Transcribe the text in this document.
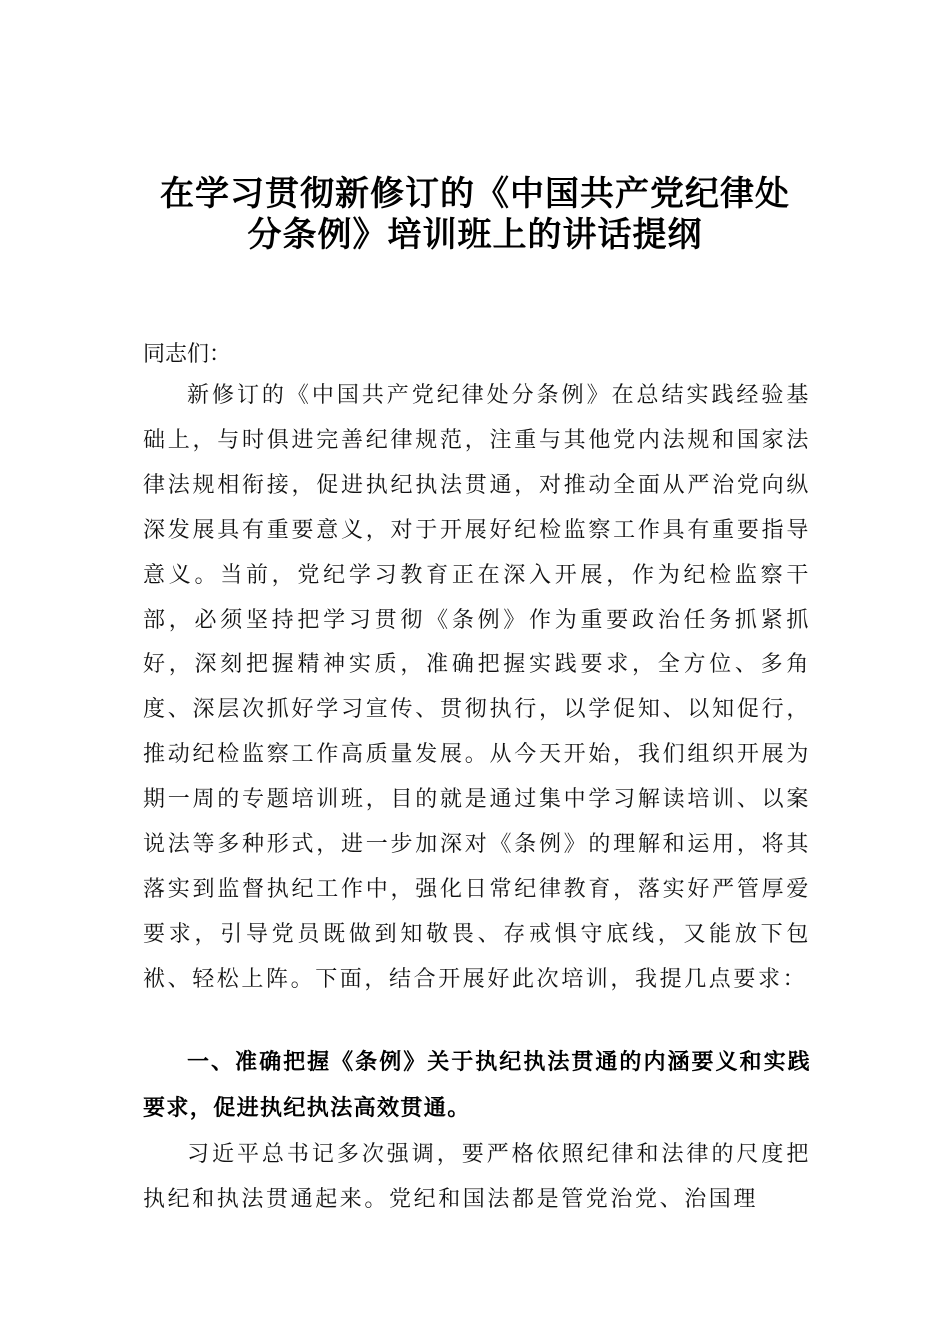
在学习贯彻新修订的《中国共产党纪律处
分条例》培训班上的讲话提纲
同志们：

新修订的《中国共产党纪律处分条例》在总结实践经验基础上，与时俱进完善纪律规范，注重与其他党内法规和国家法律法规相衔接，促进执纪执法贯通，对推动全面从严治党向纵深发展具有重要意义，对于开展好纪检监察工作具有重要指导意义。当前，党纪学习教育正在深入开展，作为纪检监察干部，必须坚持把学习贯彻《条例》作为重要政治任务抓紧抓好，深刻把握精神实质，准确把握实践要求，全方位、多角度、深层次抓好学习宣传、贯彻执行，以学促知、以知促行，推动纪检监察工作高质量发展。从今天开始，我们组织开展为期一周的专题培训班，目的就是通过集中学习解读培训、以案说法等多种形式，进一步加深对《条例》的理解和运用，将其落实到监督执纪工作中，强化日常纪律教育，落实好严管厚爱要求，引导党员既做到知敬畏、存戒惧守底线，又能放下包袱、轻松上阵。下面，结合开展好此次培训，我提几点要求：

一、准确把握《条例》关于执纪执法贯通的内涵要义和实践要求，促进执纪执法高效贯通。

习近平总书记多次强调，要严格依照纪律和法律的尺度把执纪和执法贯通起来。党纪和国法都是管党治党、治国理
